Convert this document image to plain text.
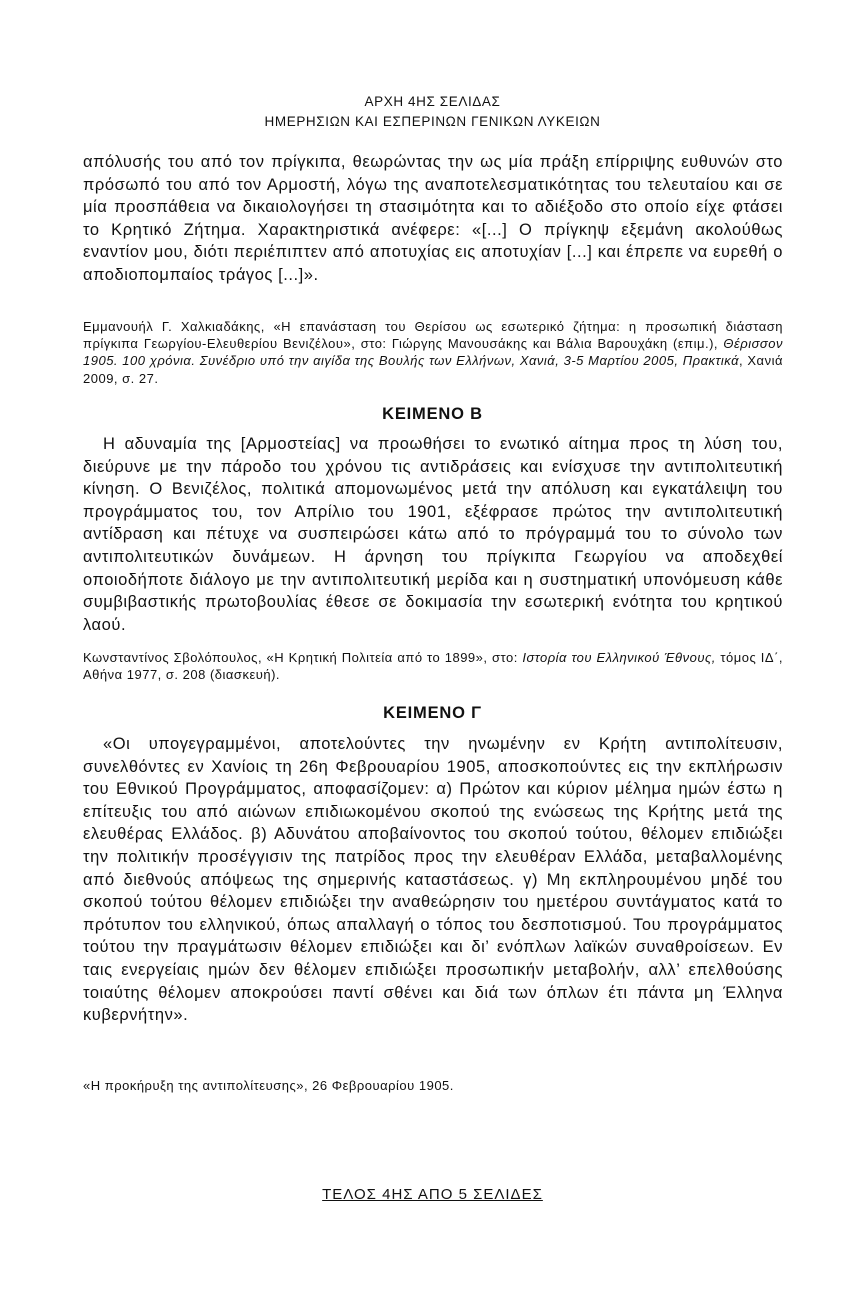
ΑΡΧΗ 4ΗΣ ΣΕΛΙΔΑΣ
ΗΜΕΡΗΣΙΩΝ ΚΑΙ ΕΣΠΕΡΙΝΩΝ ΓΕΝΙΚΩΝ ΛΥΚΕΙΩΝ
απόλυσής του από τον πρίγκιπα, θεωρώντας την ως μία πράξη επίρριψης ευθυνών στο πρόσωπό του από τον Αρμοστή, λόγω της αναποτελεσματικότητας του τελευταίου και σε μία προσπάθεια να δικαιολογήσει τη στασιμότητα και το αδιέξοδο στο οποίο είχε φτάσει το Κρητικό Ζήτημα. Χαρακτηριστικά ανέφερε: «[...] Ο πρίγκηψ εξεμάνη ακολούθως εναντίον μου, διότι περιέπιπτεν από αποτυχίας εις αποτυχίαν [...] και έπρεπε να ευρεθή ο αποδιοπομπαίος τράγος [...]».
Εμμανουήλ Γ. Χαλκιαδάκης, «Η επανάσταση του Θερίσου ως εσωτερικό ζήτημα: η προσωπική διάσταση πρίγκιπα Γεωργίου-Ελευθερίου Βενιζέλου», στο: Γιώργης Μανουσάκης και Βάλια Βαρουχάκη (επιμ.), Θέρισσον 1905. 100 χρόνια. Συνέδριο υπό την αιγίδα της Βουλής των Ελλήνων, Χανιά, 3-5 Μαρτίου 2005, Πρακτικά, Χανιά 2009, σ. 27.
ΚΕΙΜΕΝΟ Β
Η αδυναμία της [Αρμοστείας] να προωθήσει το ενωτικό αίτημα προς τη λύση του, διεύρυνε με την πάροδο του χρόνου τις αντιδράσεις και ενίσχυσε την αντιπολιτευτική κίνηση. Ο Βενιζέλος, πολιτικά απομονωμένος μετά την απόλυση και εγκατάλειψη του προγράμματος του, τον Απρίλιο του 1901, εξέφρασε πρώτος την αντιπολιτευτική αντίδραση και πέτυχε να συσπειρώσει κάτω από το πρόγραμμά του το σύνολο των αντιπολιτευτικών δυνάμεων. Η άρνηση του πρίγκιπα Γεωργίου να αποδεχθεί οποιοδήποτε διάλογο με την αντιπολιτευτική μερίδα και η συστηματική υπονόμευση κάθε συμβιβαστικής πρωτοβουλίας έθεσε σε δοκιμασία την εσωτερική ενότητα του κρητικού λαού.
Κωνσταντίνος Σβολόπουλος, «Η Κρητική Πολιτεία από το 1899», στο: Ιστορία του Ελληνικού Έθνους, τόμος ΙΔ΄, Αθήνα 1977, σ. 208 (διασκευή).
ΚΕΙΜΕΝΟ Γ
«Οι υπογεγραμμένοι, αποτελούντες την ηνωμένην εν Κρήτη αντιπολίτευσιν, συνελθόντες εν Χανίοις τη 26η Φεβρουαρίου 1905, αποσκοπούντες εις την εκπλήρωσιν του Εθνικού Προγράμματος, αποφασίζομεν: α) Πρώτον και κύριον μέλημα ημών έστω η επίτευξις του από αιώνων επιδιωκομένου σκοπού της ενώσεως της Κρήτης μετά της ελευθέρας Ελλάδος. β) Αδυνάτου αποβαίνοντος του σκοπού τούτου, θέλομεν επιδιώξει την πολιτικήν προσέγγισιν της πατρίδος προς την ελευθέραν Ελλάδα, μεταβαλλομένης από διεθνούς απόψεως της σημερινής καταστάσεως. γ) Μη εκπληρουμένου μηδέ του σκοπού τούτου θέλομεν επιδιώξει την αναθεώρησιν του ημετέρου συντάγματος κατά το πρότυπον του ελληνικού, όπως απαλλαγή ο τόπος του δεσποτισμού. Του προγράμματος τούτου την πραγμάτωσιν θέλομεν επιδιώξει και δι’ ενόπλων λαϊκών συναθροίσεων. Εν ταις ενεργείαις ημών δεν θέλομεν επιδιώξει προσωπικήν μεταβολήν, αλλ’ επελθούσης τοιαύτης θέλομεν αποκρούσει παντί σθένει και διά των όπλων έτι πάντα μη Έλληνα κυβερνήτην».
«Η προκήρυξη της αντιπολίτευσης», 26 Φεβρουαρίου 1905.
ΤΕΛΟΣ 4ΗΣ ΑΠΟ 5 ΣΕΛΙΔΕΣ
